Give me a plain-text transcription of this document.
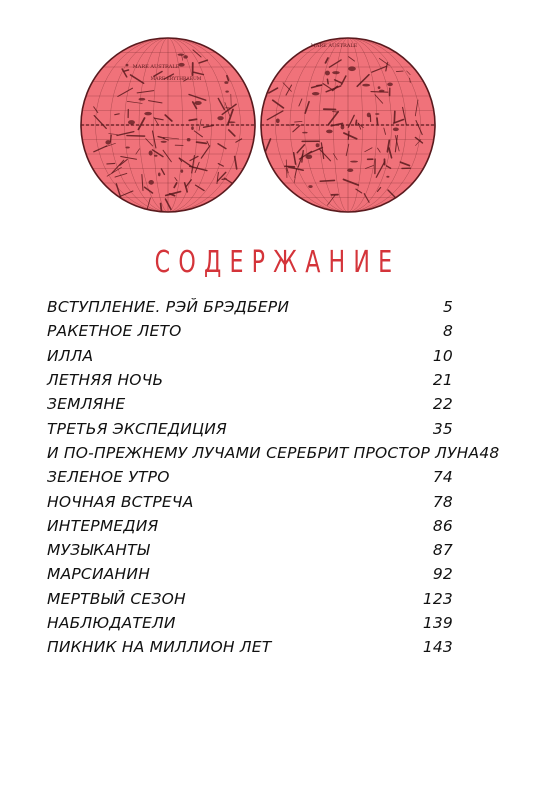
MARE AUSTRALE
MARE ERYTHRAEUM
MARE AUSTRALE
СОДЕРЖАНИЕ
ВСТУПЛЕНИЕ. РЭЙ БРЭДБЕРИ	5
РАКЕТНОЕ ЛЕТО	8
ИЛЛА	10
ЛЕТНЯЯ НОЧЬ	21
ЗЕМЛЯНЕ	22
ТРЕТЬЯ ЭКСПЕДИЦИЯ	35
И ПО-ПРЕЖНЕМУ ЛУЧАМИ СЕРЕБРИТ ПРОСТОР ЛУНА 48
ЗЕЛЕНОЕ УТРО	74
НОЧНАЯ ВСТРЕЧА	78
ИНТЕРМЕДИЯ	86
МУЗЫКАНТЫ	87
МАРСИАНИН	92
МЕРТВЫЙ СЕЗОН	123
НАБЛЮДАТЕЛИ	139
ПИКНИК НА МИЛЛИОН ЛЕТ	143
